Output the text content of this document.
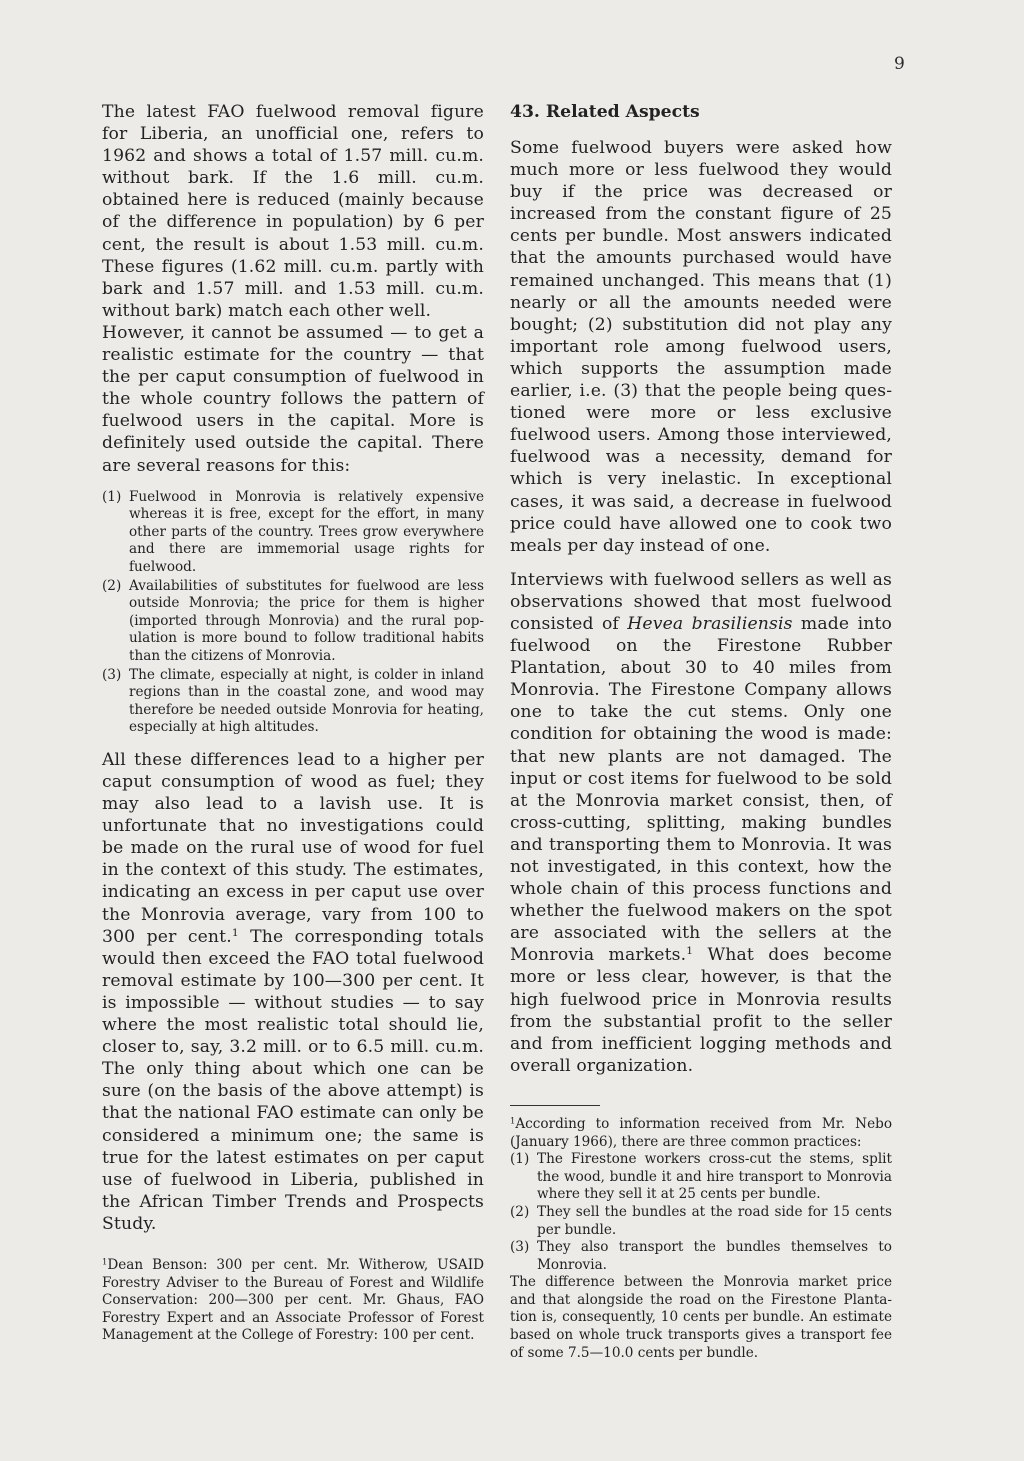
9

The latest FAO fuelwood removal figure for Liberia, an unofficial one, refers to 1962 and shows a total of 1.57 mill. cu.m. without bark. If the 1.6 mill. cu.m. obtained here is reduced (mainly because of the difference in population) by 6 per cent, the result is about 1.53 mill. cu.m. These figures (1.62 mill. cu.m. partly with bark and 1.57 mill. and 1.53 mill. cu.m. without bark) match each other well.

However, it cannot be assumed — to get a realistic estimate for the country — that the per caput consumption of fuelwood in the whole country follows the pattern of fuelwood users in the capital. More is definitely used outside the capital. There are several reasons for this:

(1) Fuelwood in Monrovia is relatively expensive whereas it is free, except for the effort, in many other parts of the country. Trees grow everywhere and there are immemorial usage rights for fuelwood.
(2) Availabilities of substitutes for fuelwood are less outside Monrovia; the price for them is higher (imported through Monrovia) and the rural population is more bound to follow traditional habits than the citizens of Monrovia.
(3) The climate, especially at night, is colder in inland regions than in the coastal zone, and wood may therefore be needed outside Monrovia for heating, especially at high altitudes.

All these differences lead to a higher per caput consumption of wood as fuel; they may also lead to a lavish use. It is unfortunate that no investigations could be made on the rural use of wood for fuel in the context of this study. The estimates, indicating an excess in per caput use over the Monrovia average, vary from 100 to 300 per cent.$^1$ The corresponding totals would then exceed the FAO total fuelwood removal estimate by 100—300 per cent. It is impossible — without studies — to say where the most realistic total should lie, closer to, say, 3.2 mill. or to 6.5 mill. cu.m. The only thing about which one can be sure (on the basis of the above attempt) is that the national FAO estimate can only be considered a minimum one; the same is true for the latest estimates on per caput use of fuelwood in Liberia, published in the African Timber Trends and Prospects Study.

$^1$Dean Benson: 300 per cent. Mr. Witherow, USAID Forestry Adviser to the Bureau of Forest and Wildlife Conservation: 200—300 per cent. Mr. Ghaus, FAO Forestry Expert and an Associate Professor of Forest Management at the College of Forestry: 100 per cent.

43. Related Aspects

Some fuelwood buyers were asked how much more or less fuelwood they would buy if the price was decreased or increased from the constant figure of 25 cents per bundle. Most answers indicated that the amounts purchased would have remained unchanged. This means that (1) nearly or all the amounts needed were bought; (2) substitution did not play any important role among fuelwood users, which supports the assumption made earlier, i.e. (3) that the people being questioned were more or less exclusive fuelwood users. Among those interviewed, fuelwood was a necessity, demand for which is very inelastic. In exceptional cases, it was said, a decrease in fuelwood price could have allowed one to cook two meals per day instead of one.

Interviews with fuelwood sellers as well as observations showed that most fuelwood consisted of Hevea brasiliensis made into fuelwood on the Firestone Rubber Plantation, about 30 to 40 miles from Monrovia. The Firestone Company allows one to take the cut stems. Only one condition for obtaining the wood is made: that new plants are not damaged. The input or cost items for fuelwood to be sold at the Monrovia market consist, then, of cross-cutting, splitting, making bundles and transporting them to Monrovia. It was not investigated, in this context, how the whole chain of this process functions and whether the fuelwood makers on the spot are associated with the sellers at the Monrovia markets.$^1$ What does become more or less clear, however, is that the high fuelwood price in Monrovia results from the substantial profit to the seller and from inefficient logging methods and overall organization.

$^1$According to information received from Mr. Nebo (January 1966), there are three common practices:

(1) The Firestone workers cross-cut the stems, split the wood, bundle it and hire transport to Monrovia where they sell it at 25 cents per bundle.
(2) They sell the bundles at the road side for 15 cents per bundle.
(3) They also transport the bundles themselves to Monrovia.

The difference between the Monrovia market price and that alongside the road on the Firestone Plantation is, consequently, 10 cents per bundle. An estimate based on whole truck transports gives a transport fee of some 7.5—10.0 cents per bundle.
